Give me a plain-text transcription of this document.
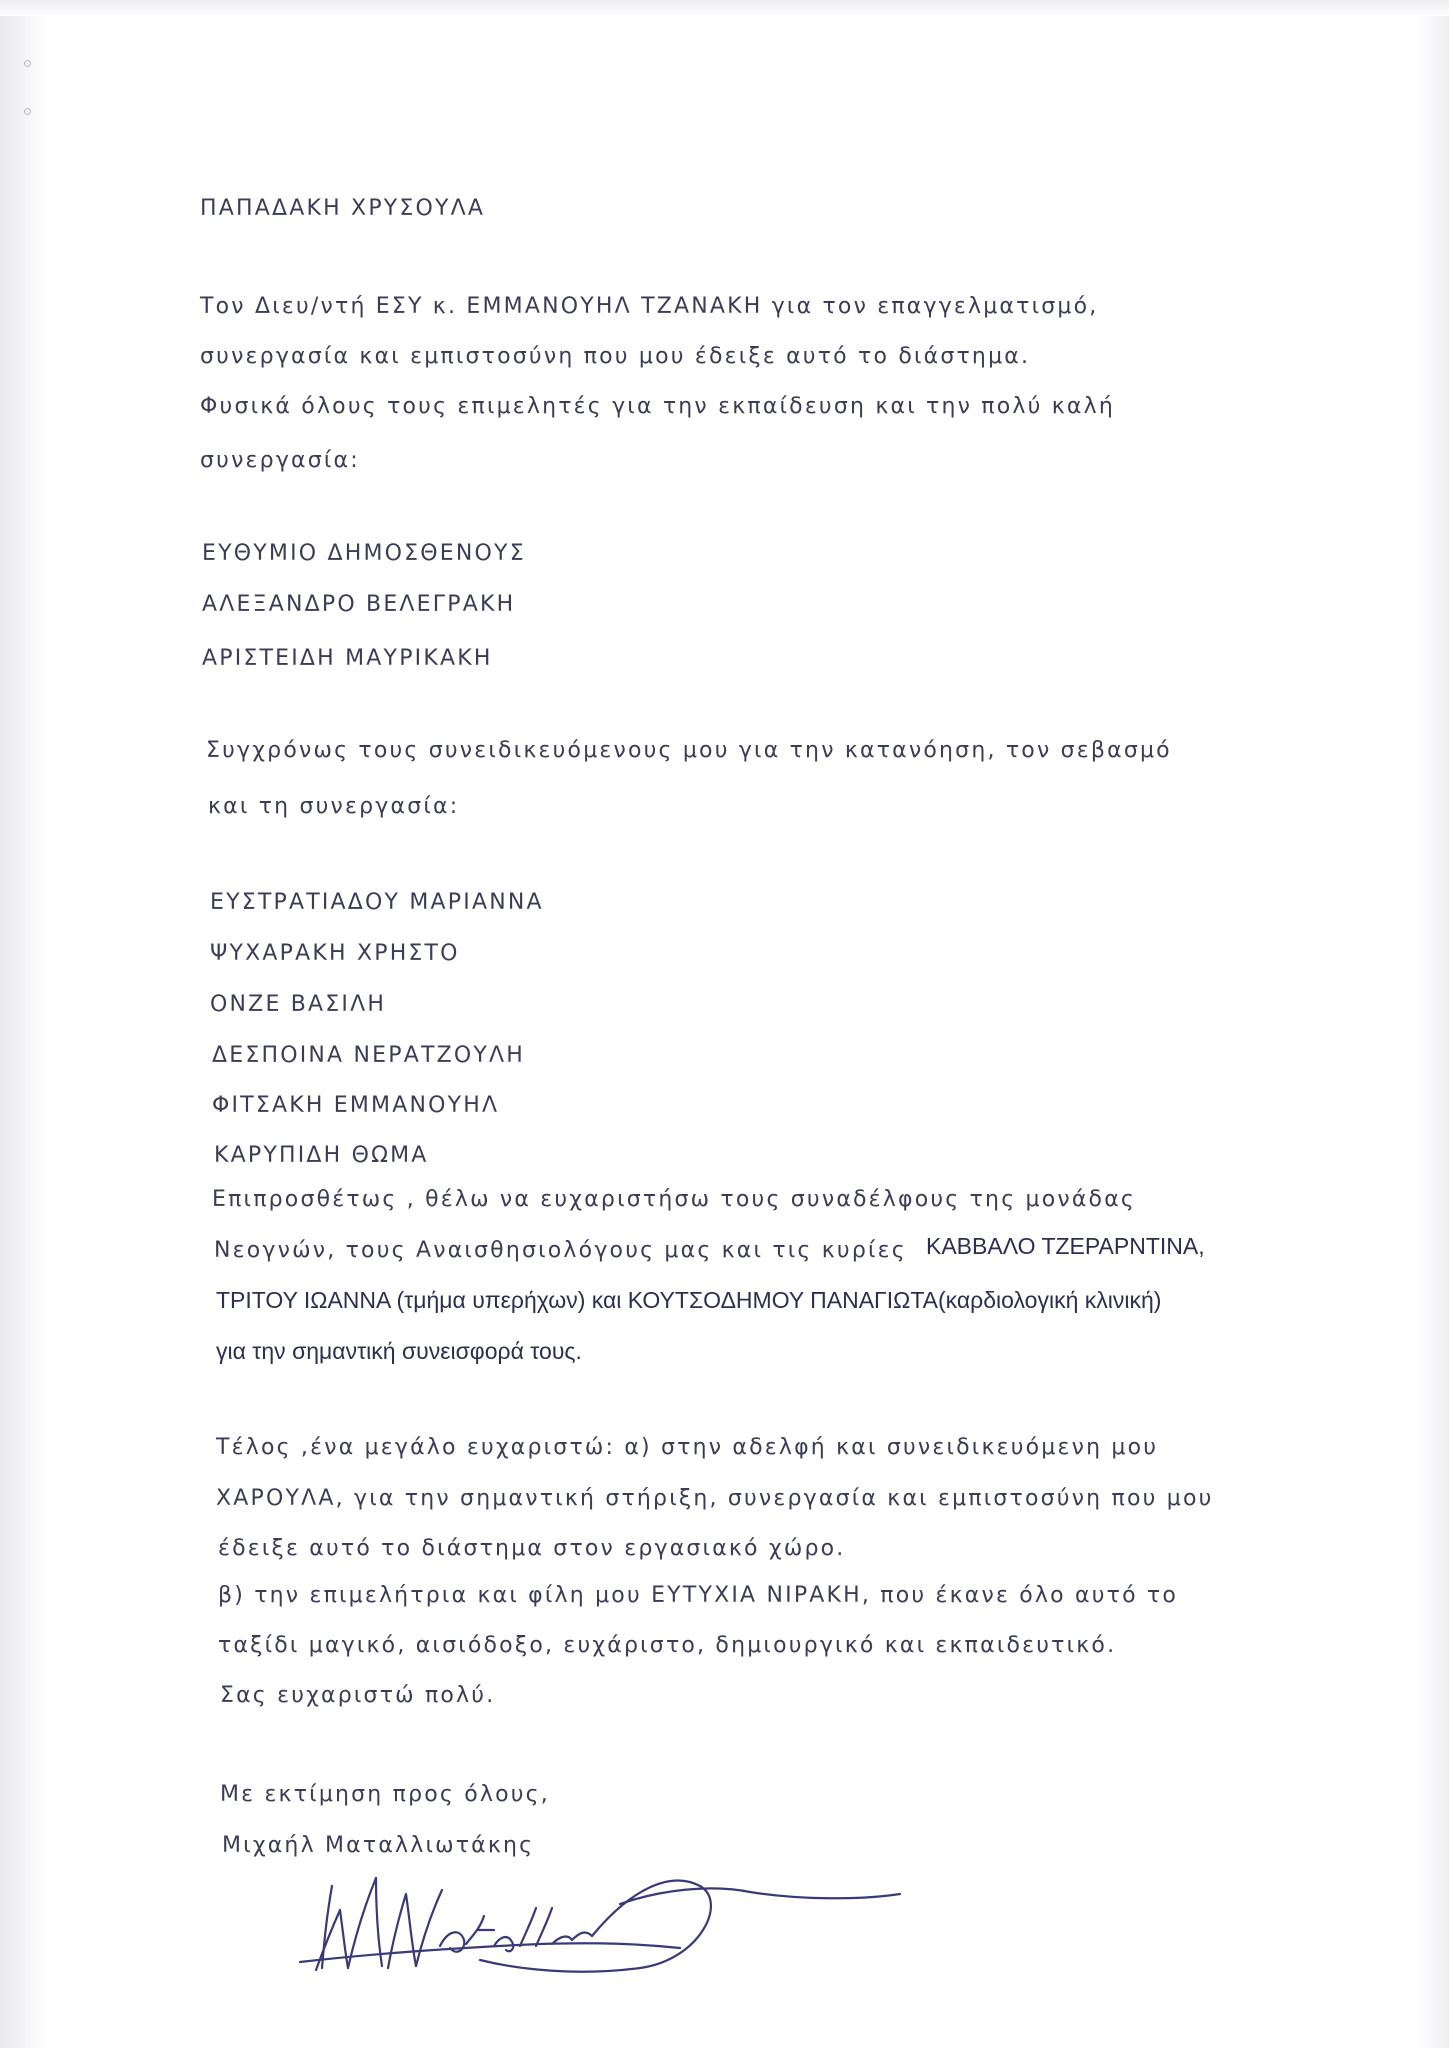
ΠΑΠΑΔΑΚΗ ΧΡΥΣΟΥΛΑ

Τον Διευ/ντή ΕΣΥ κ. ΕΜΜΑΝΟΥΗΛ ΤΖΑΝΑΚΗ για τον επαγγελματισμό,

συνεργασία και εμπιστοσύνη που μου έδειξε αυτό το διάστημα.

Φυσικά όλους τους επιμελητές για την εκπαίδευση και την πολύ καλή

συνεργασία:

ΕΥΘΥΜΙΟ ΔΗΜΟΣΘΕΝΟΥΣ

ΑΛΕΞΑΝΔΡΟ ΒΕΛΕΓΡΑΚΗ

ΑΡΙΣΤΕΙΔΗ ΜΑΥΡΙΚΑΚΗ

Συγχρόνως τους συνειδικευόμενους μου για την κατανόηση, τον σεβασμό

και τη συνεργασία:

ΕΥΣΤΡΑΤΙΑΔΟΥ ΜΑΡΙΑΝΝΑ

ΨΥΧΑΡΑΚΗ ΧΡΗΣΤΟ

ΟΝΖΕ ΒΑΣΙΛΗ

ΔΕΣΠΟΙΝΑ ΝΕΡΑΤΖΟΥΛΗ

ΦΙΤΣΑΚΗ ΕΜΜΑΝΟΥΗΛ

ΚΑΡΥΠΙΔΗ ΘΩΜΑ

Επιπροσθέτως , θέλω να ευχαριστήσω τους συναδέλφους της μονάδας

Νεογνών, τους Αναισθησιολόγους μας και τις κυρίες ΚΑΒΒΑΛΟ ΤΖΕΡΑΡΝΤΙΝΑ,

ΤΡΙΤΟΥ ΙΩΑΝΝΑ (τμήμα υπερήχων) και ΚΟΥΤΣΟΔΗΜΟΥ ΠΑΝΑΓΙΩΤΑ(καρδιολογική κλινική)

για την σημαντική συνεισφορά τους.

Τέλος ,ένα μεγάλο ευχαριστώ: α) στην αδελφή και συνειδικευόμενη μου

ΧΑΡΟΥΛΑ, για την σημαντική στήριξη, συνεργασία και εμπιστοσύνη που μου

έδειξε αυτό το διάστημα στον εργασιακό χώρο.

β) την επιμελήτρια και φίλη μου ΕΥΤΥΧΙΑ ΝΙΡΑΚΗ, που έκανε όλο αυτό το

ταξίδι μαγικό, αισιόδοξο, ευχάριστο, δημιουργικό και εκπαιδευτικό.

Σας ευχαριστώ πολύ.

Με εκτίμηση προς όλους,

Μιχαήλ Ματαλλιωτάκης
